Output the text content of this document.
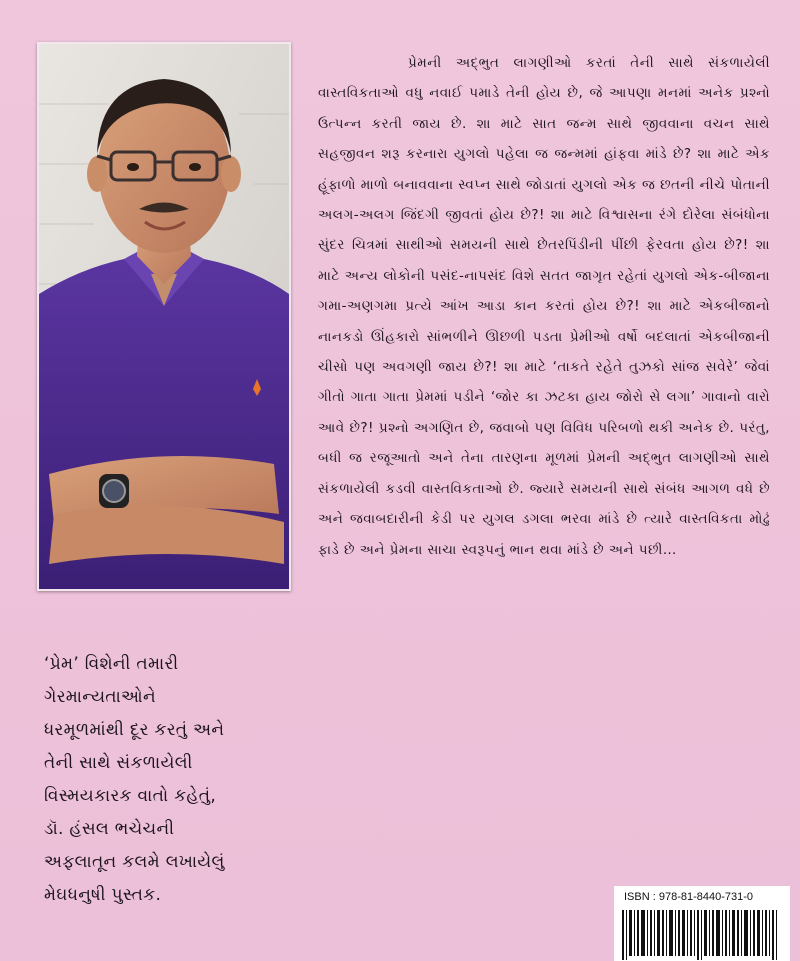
પ્રેમની અદ્‌ભુત લાગણીઓ કરતાં તેની સાથે સંકળાયેલી વાસ્તવિકતાઓ વધુ નવાઈ પમાડે તેની હોય છે, જે આપણા મનમાં અનેક પ્રશ્નો ઉત્પન્ન કરતી જાય છે. શા માટે સાત જન્મ સાથે જીવવાના વચન સાથે સહજીવન શરૂ કરનારા યુગલો પહેલા જ જન્મમાં હાંફવા માંડે છે? શા માટે એક હૂંફાળો માળો બનાવવાના સ્વપ્ન સાથે જોડાતાં યુગલો એક જ છતની નીચે પોતાની અલગ-અલગ જિંદગી જીવતાં હોય છે?! શા માટે વિશ્વાસના રંગે દોરેલા સંબંધોના સુંદર ચિત્રમાં સાથીઓ સમયની સાથે છેતરપિંડીની પીંછી ફેરવતા હોય છે?! શા માટે અન્ય લોકોની પસંદ-નાપસંદ વિશે સતત જાગૃત રહેતાં યુગલો એક-બીજાના ગમા-અણગમા પ્રત્યે આંખ આડા કાન કરતાં હોય છે?! શા માટે એકબીજાનો નાનકડો ઊંહકારો સાંભળીને ઊછળી પડતા પ્રેમીઓ વર્ષો બદલાતાં એકબીજાની ચીસો પણ અવગણી જાય છે?! શા માટે ‘તાકતે રહેતે તુઝકો સાંજ સવેરે’ જેવાં ગીતો ગાતા ગાતા પ્રેમમાં પડીને ‘જોર કા ઝટકા હાય જોરો સે લગા’ ગાવાનો વારો આવે છે?! પ્રશ્નો અગણિત છે, જવાબો પણ વિવિધ પરિબળો થકી અનેક છે. પરંતુ, બધી જ રજૂઆતો અને તેના તારણના મૂળમાં પ્રેમની અદ્‌ભુત લાગણીઓ સાથે સંકળાયેલી કડવી વાસ્તવિકતાઓ છે. જ્યારે સમયની સાથે સંબંધ આગળ વધે છે અને જવાબદારીની કેડી પર યુગલ ડગલા ભરવા માંડે છે ત્યારે વાસ્તવિકતા મોઢું ફાડે છે અને પ્રેમના સાચા સ્વરૂપનું ભાન થવા માંડે છે અને પછી…

‘પ્રેમ’ વિશેની તમારી
ગેરમાન્યતાઓને
ધરમૂળમાંથી દૂર કરતું અને
તેની સાથે સંકળાયેલી
વિસ્મયકારક વાતો કહેતું,
ડૉ. હંસલ ભચેચની
અફલાતૂન કલમે લખાયેલું
મેઘધનુષી પુસ્તક.	ISBN : 978-81-8440-731-0
